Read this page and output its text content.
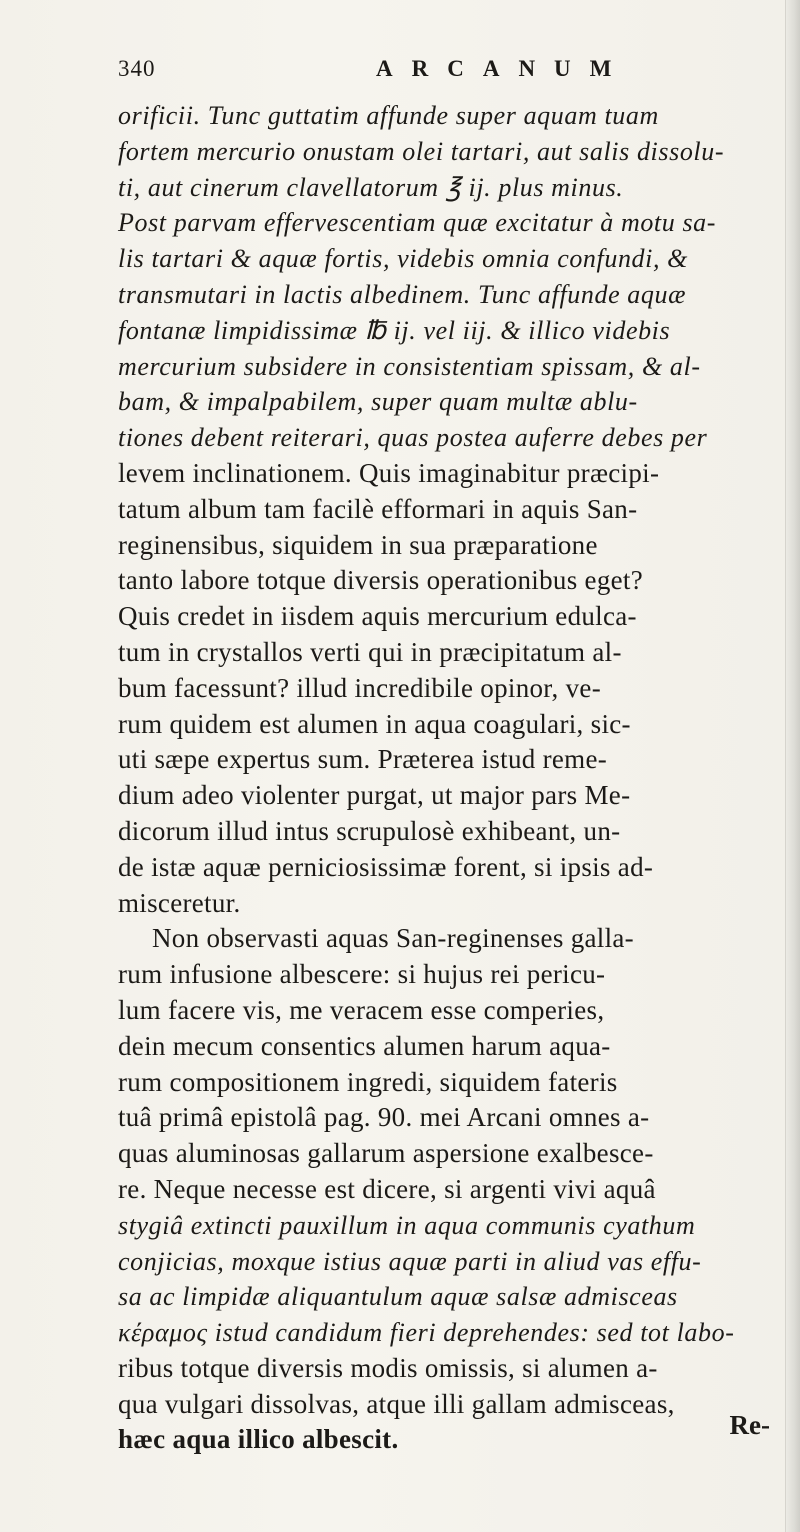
340	ARCANUM
orificii. Tunc guttatim affunde super aquam tuam
fortem mercurio onustam olei tartari, aut salis dissolu-
ti, aut cinerum clavellatorum ℥ ij. plus minus.
Post parvam effervescentiam quæ excitatur à motu sa-
lis tartari & aquæ fortis, videbis omnia confundi, &
transmutari in lactis albedinem. Tunc affunde aquæ
fontanæ limpidissimæ ℔ ij. vel iij. & illico videbis
mercurium subsidere in consistentiam spissam, & al-
bam, & impalpabilem, super quam multæ ablu-
tiones debent reiterari, quas postea auferre debes per
levem inclinationem. Quis imaginabitur præcipi-
tatum album tam facilè efformari in aquis San-
reginensibus, siquidem in sua præparatione
tanto labore totque diversis operationibus eget?
Quis credet in iisdem aquis mercurium edulca-
tum in crystallos verti qui in præcipitatum al-
bum facessunt? illud incredibile opinor, ve-
rum quidem est alumen in aqua coagulari, sic-
uti sæpe expertus sum. Præterea istud reme-
dium adeo violenter purgat, ut major pars Me-
dicorum illud intus scrupulosè exhibeant, un-
de istæ aquæ perniciosissimæ forent, si ipsis ad-
misceretur.
Non observasti aquas San-reginenses galla-
rum infusione albescere: si hujus rei pericu-
lum facere vis, me veracem esse comperies,
dein mecum consentics alumen harum aqua-
rum compositionem ingredi, siquidem fateris
tuâ primâ epistolâ pag. 90. mei Arcani omnes a-
quas aluminosas gallarum aspersione exalbesce-
re. Neque necesse est dicere, si argenti vivi aquâ
stygiâ extincti pauxillum in aqua communis cyathum
conjicias, moxque istius aquæ parti in aliud vas effu-
sa ac limpidæ aliquantulum aquæ salsæ admisceas
κέραμος istud candidum fieri deprehendes: sed tot labo-
ribus totque diversis modis omissis, si alumen a-
qua vulgari dissolvas, atque illi gallam admisceas,
hæc aqua illico albescit.	Re-
